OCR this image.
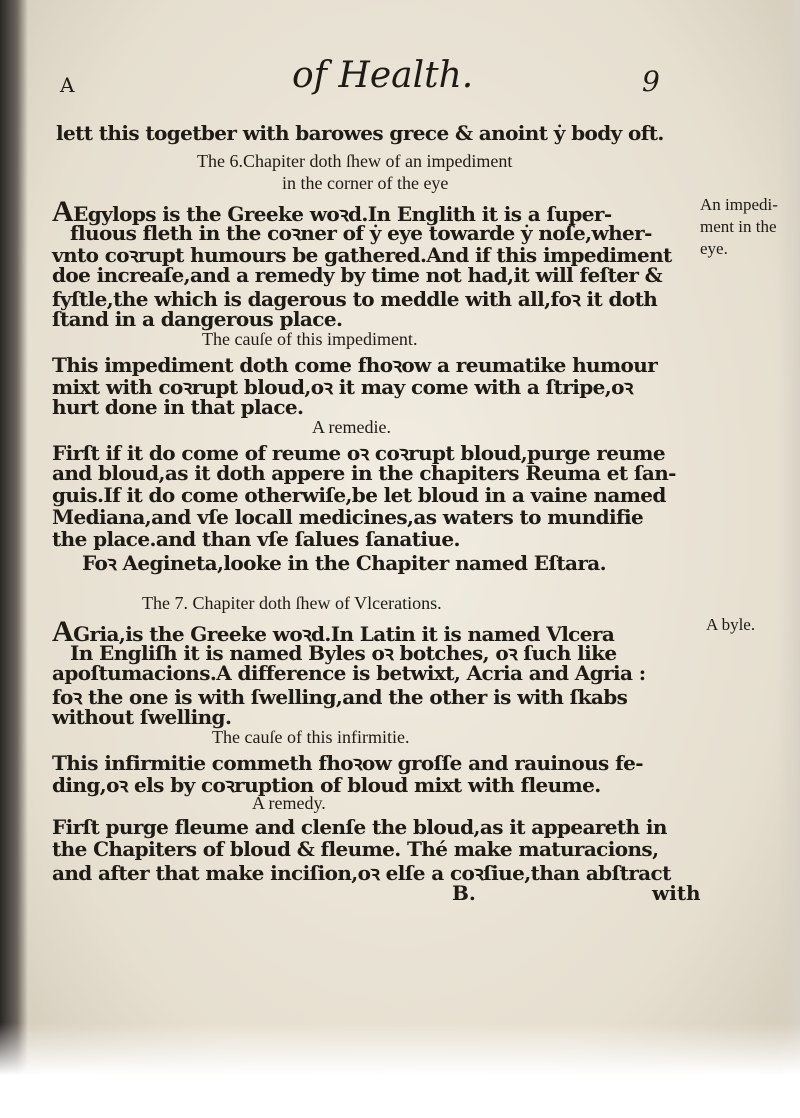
A	of Health.	9
lett this togetber with barowes grece & anoint ẏ body oft.
The 6.Chapiter doth ſhew of an impediment
in the corner of the eye
AEgylops is the Greeke woꝛd.In Englith it is a ſuper-
fluous fleth in the coꝛner of ẏ eye towarde ẏ noſe,wher-
vnto coꝛrupt humours be gathered.And if this impediment
doe increaſe,and a remedy by time not had,it will feſter &
fyſtle,the which is dagerous to meddle with all,foꝛ it doth
ſtand in a dangerous place.
The cauſe of this impediment.
This impediment doth come fhoꝛow a reumatike humour
mixt with coꝛrupt bloud,oꝛ it may come with a ſtripe,oꝛ
hurt done in that place.
A remedie.
Firſt if it do come of reume oꝛ coꝛrupt bloud,purge reume
and bloud,as it doth appere in the chapiters Reuma et ſan-
guis.If it do come otherwiſe,be let bloud in a vaine named
Mediana,and vſe locall medicines,as waters to mundifie
the place.and than vſe ſalues ſanatiue.
Foꝛ Aegineta,looke in the Chapiter named Eſtara.
The 7. Chapiter doth ſhew of Vlcerations.
AGria,is the Greeke woꝛd.In Latin it is named Vlcera
In Engliſh it is named Byles oꝛ botches, oꝛ ſuch like
apoſtumacions.A difference is betwixt, Acria and Agria :
foꝛ the one is with ſwelling,and the other is with ſkabs
without ſwelling.
The cauſe of this infirmitie.
This infirmitie commeth fhoꝛow groſſe and rauinous fe-
ding,oꝛ els by coꝛruption of bloud mixt with fleume.
A remedy.
Firſt purge fleume and clenſe the bloud,as it appeareth in
the Chapiters of bloud & fleume. Thé make maturacions,
and after that make inciſion,oꝛ elſe a coꝛſiue,than abſtract
B.	with
An impedi-
ment in the
eye.
A byle.
